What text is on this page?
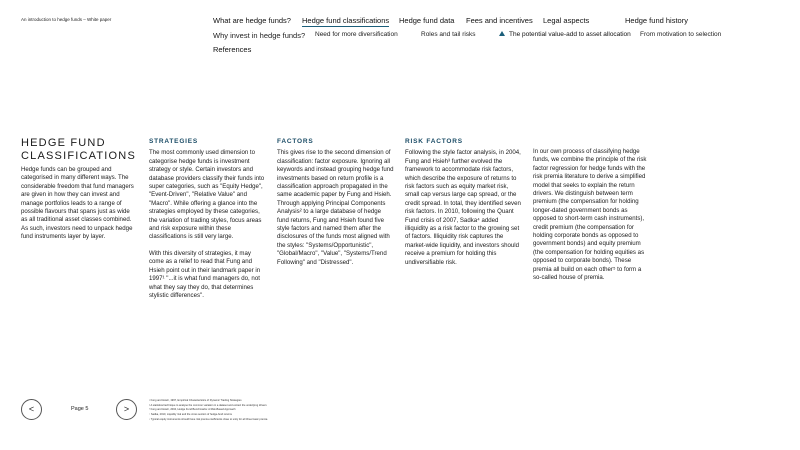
An introduction to hedge funds – White paper	What are hedge funds? Hedge fund classifications Hedge fund data Fees and incentives Legal aspects	Hedge fund history
Why invest in hedge funds? Need for more diversification	Roles and tail risks	The potential value-add to asset allocation From motivation to selection
References
HEDGE FUND CLASSIFICATIONS
Hedge funds can be grouped and categorised in many different ways. The considerable freedom that fund managers are given in how they can invest and manage portfolios leads to a range of possible flavours that spans just as wide as all traditional asset classes combined. As such, investors need to unpack hedge fund instruments layer by layer.
STRATEGIES

The most commonly used dimension to categorise hedge funds is investment strategy or style. Certain investors and database providers classify their funds into super categories, such as "Equity Hedge", "Event-Driven", "Relative Value" and "Macro". While offering a glance into the strategies employed by these categories, the variation of trading styles, focus areas and risk exposure within these classifications is still very large.

With this diversity of strategies, it may come as a relief to read that Fung and Hsieh point out in their landmark paper in 1997¹ "...it is what fund managers do, not what they say they do, that determines stylistic differences".

FACTORS

This gives rise to the second dimension of classification: factor exposure. Ignoring all keywords and instead grouping hedge fund investments based on return profile is a classification approach propagated in the same academic paper by Fung and Hsieh. Through applying Principal Components Analysis² to a large database of hedge fund returns, Fung and Hsieh found five style factors and named them after the disclosures of the funds most aligned with the styles: "Systems/Opportunistic", "Global/Macro", "Value", "Systems/Trend Following" and "Distressed".

RISK FACTORS

Following the style factor analysis, in 2004, Fung and Hsieh³ further evolved the framework to accommodate risk factors, which describe the exposure of returns to risk factors such as equity market risk, small cap versus large cap spread, or the credit spread. In total, they identified seven risk factors. In 2010, following the Quant Fund crisis of 2007, Sadka⁴ added illiquidity as a risk factor to the growing set of factors. Illiquidity risk captures the market-wide liquidity, and investors should receive a premium for holding this undiversifiable risk.

In our own process of classifying hedge funds, we combine the principle of the risk factor regression for hedge funds with the risk premia literature to derive a simplified model that seeks to explain the return drivers. We distinguish between term premium (the compensation for holding longer-dated government bonds as opposed to short-term cash instruments), credit premium (the compensation for holding corporate bonds as opposed to government bonds) and equity premium (the compensation for holding equities as opposed to corporate bonds). These premia all build on each other⁵ to form a so-called house of premia.

¹ Fung and Hsieh, 1997, Empirical Characteristics of Dynamic Trading Strategies
² A statistical technique to analyse the common variation in a dataset and extract the underlying drivers
³ Fung and Hsieh, 2004, Hedge Fund Benchmarks: A Risk-Based Approach
⁴ Sadka, 2010, Liquidity risk and the cross section of hedge-fund returns
⁵ Typical equity instruments should have risk premia coefficients close to unity for all three basic premia
<	Page 5	>
